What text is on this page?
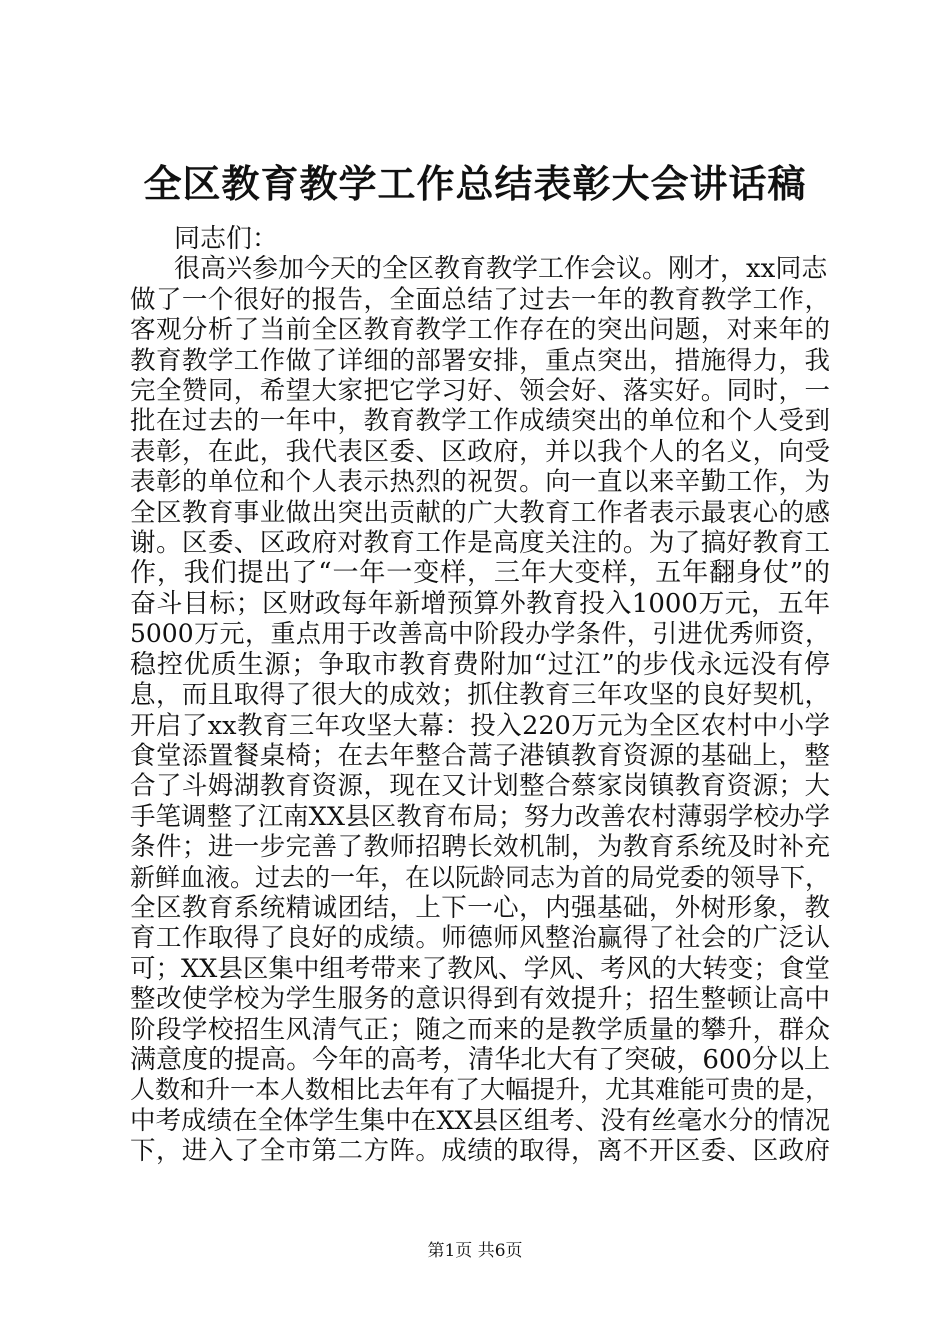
全区教育教学工作总结表彰大会讲话稿
同志们：
很高兴参加今天的全区教育教学工作会议。刚才，xx同志
做了一个很好的报告，全面总结了过去一年的教育教学工作，
客观分析了当前全区教育教学工作存在的突出问题，对来年的
教育教学工作做了详细的部署安排，重点突出，措施得力，我
完全赞同，希望大家把它学习好、领会好、落实好。同时，一
批在过去的一年中，教育教学工作成绩突出的单位和个人受到
表彰，在此，我代表区委、区政府，并以我个人的名义，向受
表彰的单位和个人表示热烈的祝贺。向一直以来辛勤工作，为
全区教育事业做出突出贡献的广大教育工作者表示最衷心的感
谢。区委、区政府对教育工作是高度关注的。为了搞好教育工
作，我们提出了“一年一变样，三年大变样，五年翻身仗”的
奋斗目标；区财政每年新增预算外教育投入1000万元，五年
5000万元，重点用于改善高中阶段办学条件，引进优秀师资，
稳控优质生源；争取市教育费附加“过江”的步伐永远没有停
息，而且取得了很大的成效；抓住教育三年攻坚的良好契机，
开启了xx教育三年攻坚大幕：投入220万元为全区农村中小学
食堂添置餐桌椅；在去年整合蒿子港镇教育资源的基础上，整
合了斗姆湖教育资源，现在又计划整合蔡家岗镇教育资源；大
手笔调整了江南XX县区教育布局；努力改善农村薄弱学校办学
条件；进一步完善了教师招聘长效机制，为教育系统及时补充
新鲜血液。过去的一年，在以阮龄同志为首的局党委的领导下，
全区教育系统精诚团结，上下一心，内强基础，外树形象，教
育工作取得了良好的成绩。师德师风整治赢得了社会的广泛认
可；XX县区集中组考带来了教风、学风、考风的大转变；食堂
整改使学校为学生服务的意识得到有效提升；招生整顿让高中
阶段学校招生风清气正；随之而来的是教学质量的攀升，群众
满意度的提高。今年的高考，清华北大有了突破，600分以上
人数和升一本人数相比去年有了大幅提升，尤其难能可贵的是，
中考成绩在全体学生集中在XX县区组考、没有丝毫水分的情况
下，进入了全市第二方阵。成绩的取得，离不开区委、区政府
第1页 共6页
